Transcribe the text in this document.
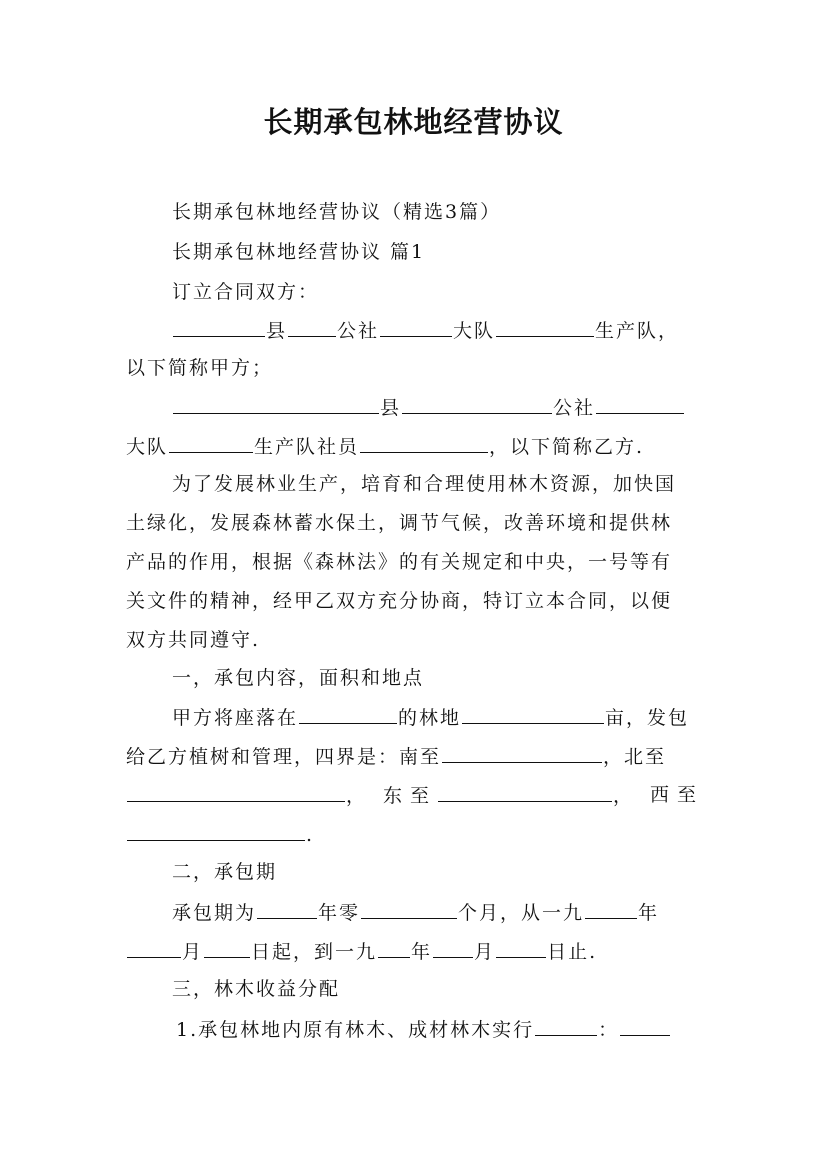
长期承包林地经营协议
长期承包林地经营协议（精选3篇）
长期承包林地经营协议 篇1
订立合同双方：
县	公社	大队	生产队，
以下简称甲方；
县	公社
大队	生产队社员	，以下简称乙方.
为了发展林业生产，培育和合理使用林木资源，加快国
土绿化，发展森林蓄水保土，调节气候，改善环境和提供林
产品的作用，根据《森林法》的有关规定和中央，一号等有
关文件的精神，经甲乙双方充分协商，特订立本合同，以便
双方共同遵守.
一，承包内容，面积和地点
甲方将座落在	的林地	亩，发包
给乙方植树和管理，四界是：南至	，北至
， 东至	， 西至
.
二，承包期
承包期为	年零	个月，从一九	年
月	日起，到一九 年 月	日止.
三，林木收益分配
1.承包林地内原有林木、成材林木实行	：
